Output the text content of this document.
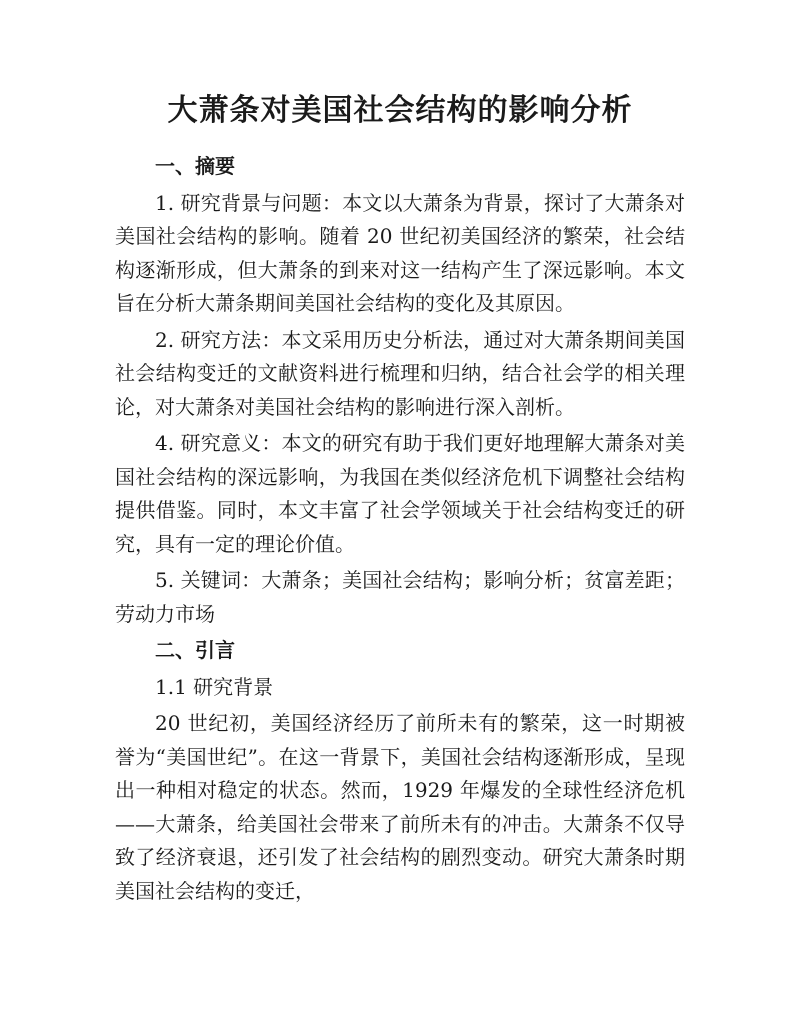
大萧条对美国社会结构的影响分析

一、摘要

1. 研究背景与问题：本文以大萧条为背景，探讨了大萧条对美国社会结构的影响。随着 20 世纪初美国经济的繁荣，社会结构逐渐形成，但大萧条的到来对这一结构产生了深远影响。本文旨在分析大萧条期间美国社会结构的变化及其原因。

2. 研究方法：本文采用历史分析法，通过对大萧条期间美国社会结构变迁的文献资料进行梳理和归纳，结合社会学的相关理论，对大萧条对美国社会结构的影响进行深入剖析。

4. 研究意义：本文的研究有助于我们更好地理解大萧条对美国社会结构的深远影响，为我国在类似经济危机下调整社会结构提供借鉴。同时，本文丰富了社会学领域关于社会结构变迁的研究，具有一定的理论价值。

5. 关键词：大萧条；美国社会结构；影响分析；贫富差距；劳动力市场

二、引言

1.1 研究背景

20 世纪初，美国经济经历了前所未有的繁荣，这一时期被誉为“美国世纪”。在这一背景下，美国社会结构逐渐形成，呈现出一种相对稳定的状态。然而，1929 年爆发的全球性经济危机——大萧条，给美国社会带来了前所未有的冲击。大萧条不仅导致了经济衰退，还引发了社会结构的剧烈变动。研究大萧条时期美国社会结构的变迁，
